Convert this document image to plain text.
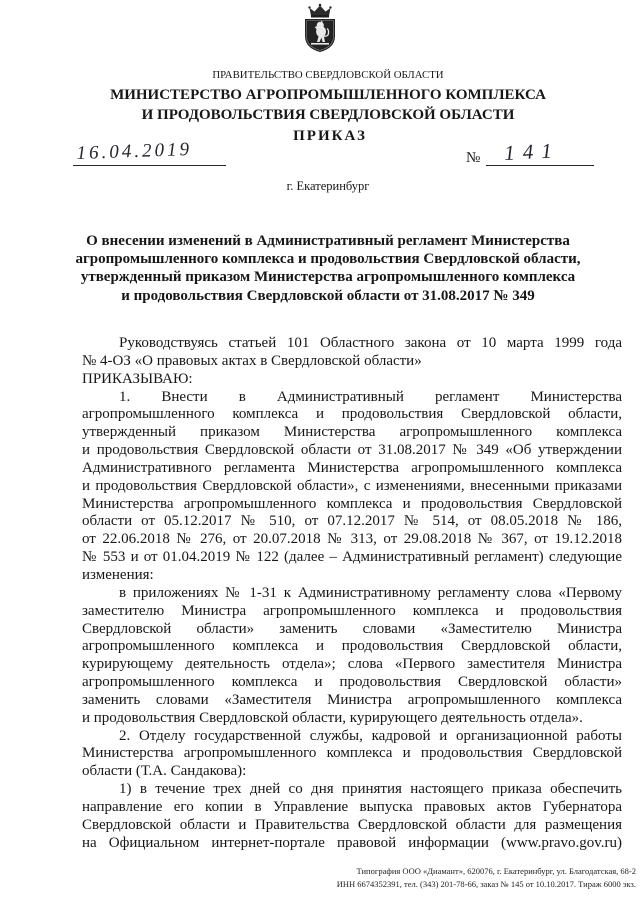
ПРАВИТЕЛЬСТВО СВЕРДЛОВСКОЙ ОБЛАСТИ
МИНИСТЕРСТВО АГРОПРОМЫШЛЕННОГО КОМПЛЕКСА
И ПРОДОВОЛЬСТВИЯ СВЕРДЛОВСКОЙ ОБЛАСТИ
ПРИКАЗ
16.04.2019	№ 141
г. Екатеринбург
О внесении изменений в Административный регламент Министерства
агропромышленного комплекса и продовольствия Свердловской области,
утвержденный приказом Министерства агропромышленного комплекса
и продовольствия Свердловской области от 31.08.2017 № 349
Руководствуясь статьей 101 Областного закона от 10 марта 1999 года
№ 4-ОЗ «О правовых актах в Свердловской области»
ПРИКАЗЫВАЮ:
1. Внести в Административный регламент Министерства
агропромышленного комплекса и продовольствия Свердловской области,
утвержденный приказом Министерства агропромышленного комплекса
и продовольствия Свердловской области от 31.08.2017 № 349 «Об утверждении
Административного регламента Министерства агропромышленного комплекса
и продовольствия Свердловской области», с изменениями, внесенными приказами
Министерства агропромышленного комплекса и продовольствия Свердловской
области от 05.12.2017 № 510, от 07.12.2017 № 514, от 08.05.2018 № 186,
от 22.06.2018 № 276, от 20.07.2018 № 313, от 29.08.2018 № 367, от 19.12.2018
№ 553 и от 01.04.2019 № 122 (далее – Административный регламент) следующие
изменения:
в приложениях № 1-31 к Административному регламенту слова «Первому
заместителю Министра агропромышленного комплекса и продовольствия
Свердловской области» заменить словами «Заместителю Министра
агропромышленного комплекса и продовольствия Свердловской области,
курирующему деятельность отдела»; слова «Первого заместителя Министра
агропромышленного комплекса и продовольствия Свердловской области»
заменить словами «Заместителя Министра агропромышленного комплекса
и продовольствия Свердловской области, курирующего деятельность отдела».
2. Отделу государственной службы, кадровой и организационной работы
Министерства агропромышленного комплекса и продовольствия Свердловской
области (Т.А. Сандакова):
1) в течение трех дней со дня принятия настоящего приказа обеспечить
направление его копии в Управление выпуска правовых актов Губернатора
Свердловской области и Правительства Свердловской области для размещения
на Официальном интернет-портале правовой информации (www.pravo.gov.ru)
Типография ООО «Диамант», 620076, г. Екатеринбург, ул. Благодатская, 68-2
ИНН 6674352391, тел. (343) 201-78-66, заказ № 145 от 10.10.2017. Тираж 6000 экз.
